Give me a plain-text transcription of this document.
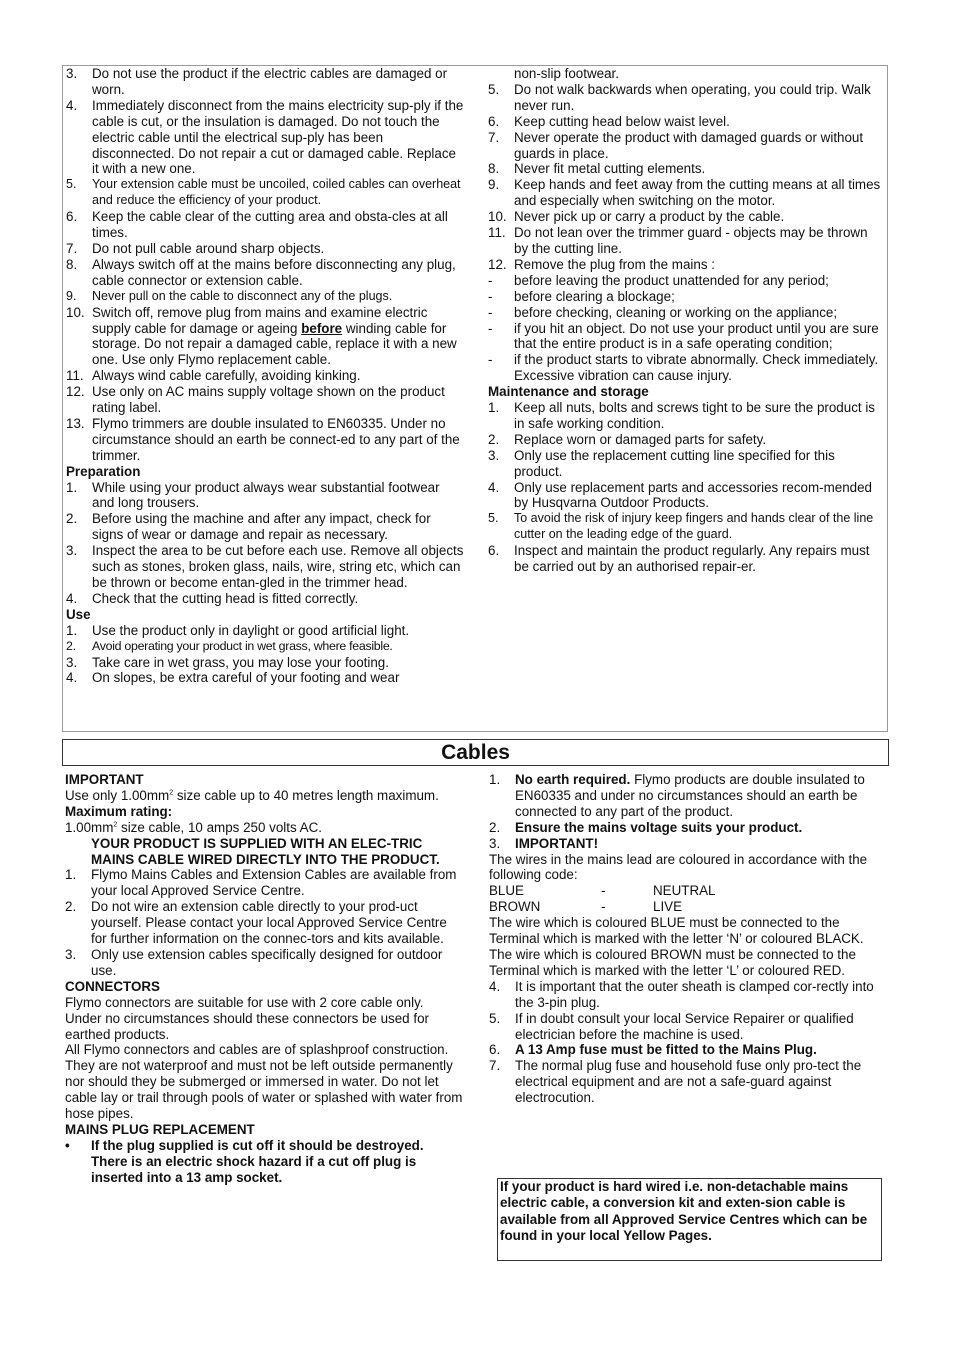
3.	Do not use the product if the electric cables are damaged or worn.
4.	Immediately disconnect from the mains electricity sup-ply if the cable is cut, or the insulation is damaged. Do not touch the electric cable until the electrical sup-ply has been disconnected. Do not repair a cut or damaged cable. Replace it with a new one.
5.	Your extension cable must be uncoiled, coiled cables can overheat and reduce the efficiency of your product.
6.	Keep the cable clear of the cutting area and obsta-cles at all times.
7.	Do not pull cable around sharp objects.
8.	Always switch off at the mains before disconnecting any plug, cable connector or extension cable.
9.	Never pull on the cable to disconnect any of the plugs.
10. Switch off, remove plug from mains and examine electric supply cable for damage or ageing before winding cable for storage. Do not repair a damaged cable, replace it with a new one. Use only Flymo replacement cable.
11. Always wind cable carefully, avoiding kinking.
12. Use only on AC mains supply voltage shown on the product rating label.
13. Flymo trimmers are double insulated to EN60335. Under no circumstance should an earth be connect-ed to any part of the trimmer.
Preparation
1.	While using your product always wear substantial footwear and long trousers.
2.	Before using the machine and after any impact, check for signs of wear or damage and repair as necessary.
3.	Inspect the area to be cut before each use. Remove all objects such as stones, broken glass, nails, wire, string etc, which can be thrown or become entan-gled in the trimmer head.
4.	Check that the cutting head is fitted correctly.
Use
1.	Use the product only in daylight or good artificial light.
2.	Avoid operating your product in wet grass, where feasible.
3.	Take care in wet grass, you may lose your footing.
4.	On slopes, be extra careful of your footing and wear
non-slip footwear.
5.	Do not walk backwards when operating, you could trip. Walk never run.
6.	Keep cutting head below waist level.
7.	Never operate the product with damaged guards or without guards in place.
8.	Never fit metal cutting elements.
9.	Keep hands and feet away from the cutting means at all times and especially when switching on the motor.
10. Never pick up or carry a product by the cable.
11. Do not lean over the trimmer guard - objects may be thrown by the cutting line.
12. Remove the plug from the mains :
-	before leaving the product unattended for any period;
-	before clearing a blockage;
-	before checking, cleaning or working on the appliance;
-	if you hit an object. Do not use your product until you are sure that the entire product is in a safe operating condition;
-	if the product starts to vibrate abnormally. Check immediately. Excessive vibration can cause injury.
Maintenance and storage
1.	Keep all nuts, bolts and screws tight to be sure the product is in safe working condition.
2.	Replace worn or damaged parts for safety.
3.	Only use the replacement cutting line specified for this product.
4.	Only use replacement parts and accessories recom-mended by Husqvarna Outdoor Products.
5.	To avoid the risk of injury keep fingers and hands clear of the line cutter on the leading edge of the guard.
6.	Inspect and maintain the product regularly. Any repairs must be carried out by an authorised repair-er.
Cables
IMPORTANT
Use only $1.00mm^2$ size cable up to 40 metres length maximum.
Maximum rating:
$1.00mm^2$ size cable, 10 amps 250 volts AC.
YOUR PRODUCT IS SUPPLIED WITH AN ELEC-TRIC MAINS CABLE WIRED DIRECTLY INTO THE PRODUCT.
1.	Flymo Mains Cables and Extension Cables are available from your local Approved Service Centre.
2.	Do not wire an extension cable directly to your prod-uct yourself. Please contact your local Approved Service Centre for further information on the connec-tors and kits available.
3.	Only use extension cables specifically designed for outdoor use.
CONNECTORS
Flymo connectors are suitable for use with 2 core cable only. Under no circumstances should these connectors be used for earthed products.
All Flymo connectors and cables are of splashproof construction. They are not waterproof and must not be left outside permanently nor should they be submerged or immersed in water. Do not let cable lay or trail through pools of water or splashed with water from hose pipes.
MAINS PLUG REPLACEMENT
•	If the plug supplied is cut off it should be destroyed. There is an electric shock hazard if a cut off plug is inserted into a 13 amp socket.
1.	No earth required. Flymo products are double insulated to EN60335 and under no circumstances should an earth be connected to any part of the product.
2.	Ensure the mains voltage suits your product.
3.	IMPORTANT!
The wires in the mains lead are coloured in accordance with the following code:
BLUE	-	NEUTRAL
BROWN	-	LIVE
The wire which is coloured BLUE must be connected to the Terminal which is marked with the letter ‘N’ or coloured BLACK. The wire which is coloured BROWN must be connected to the Terminal which is marked with the letter ‘L’ or coloured RED.
4.	It is important that the outer sheath is clamped cor-rectly into the 3-pin plug.
5.	If in doubt consult your local Service Repairer or qualified electrician before the machine is used.
6.	A 13 Amp fuse must be fitted to the Mains Plug.
7.	The normal plug fuse and household fuse only pro-tect the electrical equipment and are not a safe-guard against electrocution.
If your product is hard wired i.e. non-detachable mains electric cable, a conversion kit and exten-sion cable is available from all Approved Service Centres which can be found in your local Yellow Pages.
